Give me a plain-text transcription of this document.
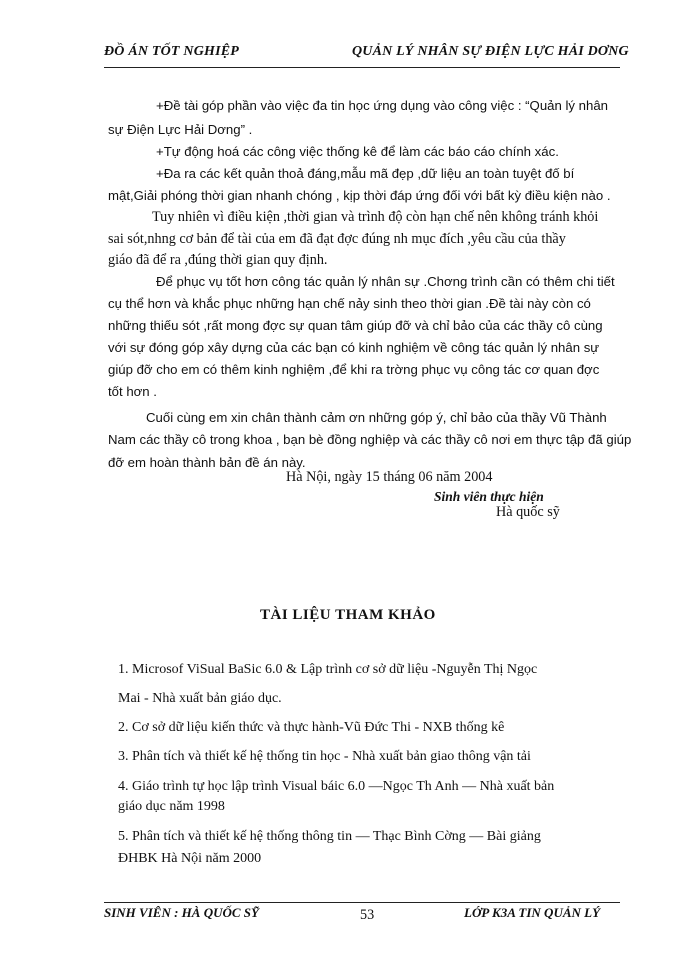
ĐỒ ÁN TỐT NGHIỆP	QUẢN LÝ NHÂN SỰ ĐIỆN LỰC HẢI DƠNG
+Đề tài góp phần vào việc đa tin học ứng dụng vào công việc : “Quản lý nhân
sự Điện Lực Hải Dơng” .
+Tự động hoá các công việc thống kê để làm các báo cáo chính xác.
+Đa ra các kết quản thoả đáng,mẫu mã đẹp ,dữ liệu an toàn tuyệt đố bí
mật,Giải phóng thời gian nhanh chóng , kịp thời đáp ứng đối với bất kỳ điều kiện nào .
Tuy nhiên vì điều kiện ,thời gian và trình độ còn hạn chế nên không tránh khỏi
sai sót,nhng cơ bản để tài của em đã đạt đợc đúng nh mục đích ,yêu cầu của thầy
giáo đã để ra ,đúng thời gian quy định.
Để phục vụ tốt hơn công tác quản lý nhân sự .Chơng trình cần có thêm chi tiết
cụ thể hơn và khắc phục những hạn chế nảy sinh theo thời gian .Đề tài này còn có
những thiếu sót ,rất mong đợc sự quan tâm giúp đỡ và chỉ bảo của các thầy cô cùng
với sự đóng góp xây dựng của các bạn có kinh nghiệm về công tác quản lý nhân sự
giúp đỡ cho em có thêm kinh nghiệm ,để khi ra trờng phục vụ công tác cơ quan đợc
tốt hơn .
Cuối cùng em xin chân thành cảm ơn những góp ý, chỉ bảo của thầy Vũ Thành
Nam các thầy cô trong khoa , bạn bè đồng nghiệp và các thầy cô nơi em thực tập đã giúp
đỡ em hoàn thành bản đề án này.
Hà Nội, ngày 15 tháng 06 năm 2004
Sinh viên thực hiện
Hà quốc sỹ
TÀI LIỆU THAM KHẢO
1. Microsof ViSual BaSic 6.0 & Lập trình cơ sở dữ liệu -Nguyễn Thị Ngọc
Mai - Nhà xuất bản giáo dục.
2. Cơ sở dữ liệu kiến thức và thực hành-Vũ Đức Thi - NXB thống kê
3. Phân tích và thiết kế hệ thống tin học - Nhà xuất bản giao thông vận tải
4. Giáo trình tự học lập trình Visual báic 6.0 —Ngọc Th Anh — Nhà xuất bản
giáo dục năm 1998
5. Phân tích và thiết kế hệ thống thông tin — Thạc Bình Cờng — Bài giảng
ĐHBK Hà Nội năm 2000
SINH VIÊN : HÀ QUỐC SỸ	53	LỚP K3A TIN QUẢN LÝ
